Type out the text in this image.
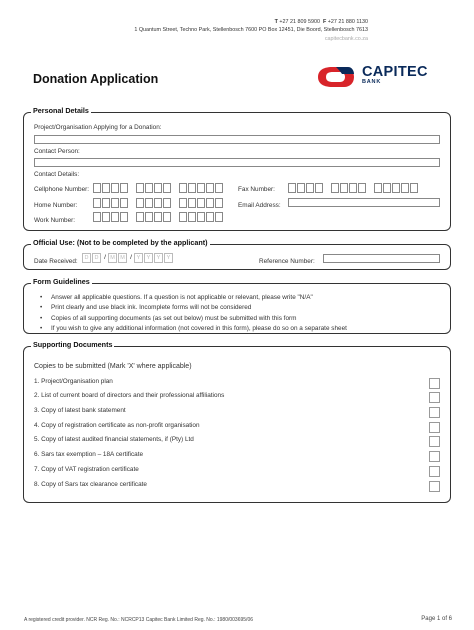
T +27 21 809 5900 F +27 21 880 1130
1 Quantum Street, Techno Park, Stellenbosch 7600 PO Box 12451, Die Boord, Stellenbosch 7613
capitecbank.co.za
Donation Application	CAPITEC
BANK
Personal Details
Project/Organisation Applying for a Donation:
Contact Person:
Contact Details:
Cellphone Number:
Home Number:
Work Number:
Fax Number:
Email Address:
Official Use: (Not to be completed by the applicant)
Date Received:	D	D / M M / Y	Y	Y	Y	Reference Number:
Form Guidelines
• Answer all applicable questions. If a question is not applicable or relevant, please write "N/A"
• Print clearly and use black ink. Incomplete forms will not be considered
• Copies of all supporting documents (as set out below) must be submitted with this form
• If you wish to give any additional information (not covered in this form), please do so on a separate sheet
Supporting Documents
Copies to be submitted (Mark 'X' where applicable)
1. Project/Organisation plan
2. List of current board of directors and their professional affiliations
3. Copy of latest bank statement
4. Copy of registration certificate as non-profit organisation
5. Copy of latest audited financial statements, if (Pty) Ltd
6. Sars tax exemption – 18A certificate
7. Copy of VAT registration certificate
8. Copy of Sars tax clearance certificate
A registered credit provider. NCR Reg. No.: NCRCP13 Capitec Bank Limited Reg. No.: 1980/003695/06	Page 1 of 6
